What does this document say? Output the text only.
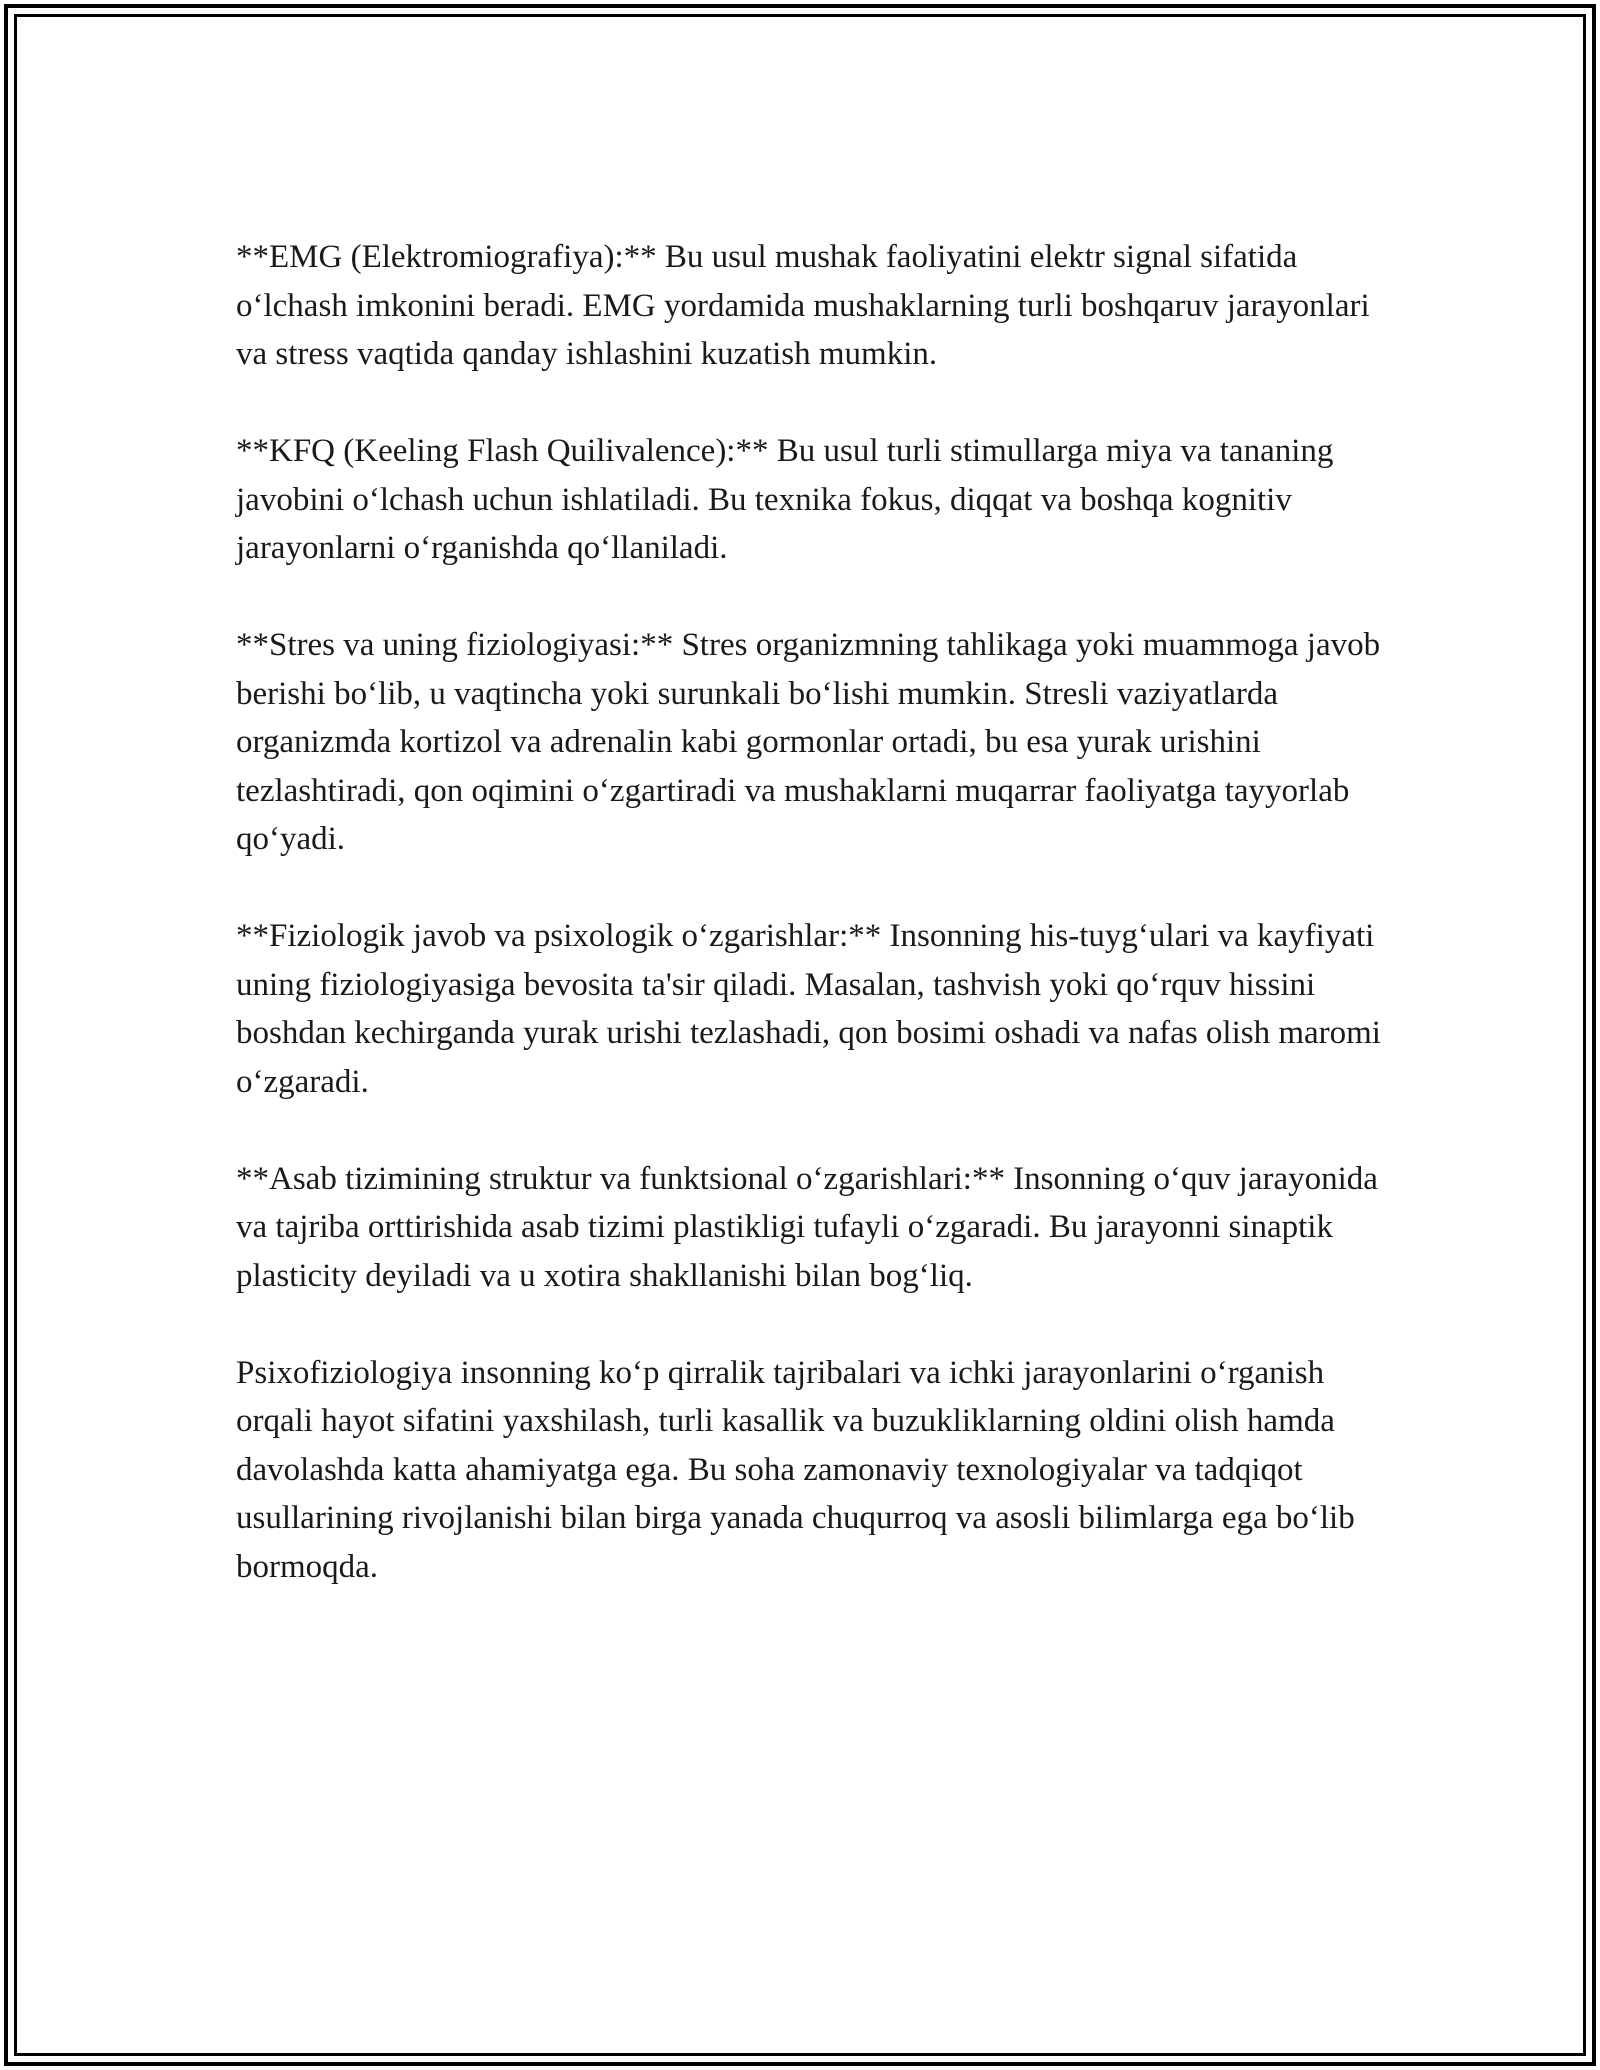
**EMG (Elektromiografiya):** Bu usul mushak faoliyatini elektr signal sifatida o‘lchash imkonini beradi. EMG yordamida mushaklarning turli boshqaruv jarayonlari va stress vaqtida qanday ishlashini kuzatish mumkin.

**KFQ (Keeling Flash Quilivalence):** Bu usul turli stimullarga miya va tananing javobini o‘lchash uchun ishlatiladi. Bu texnika fokus, diqqat va boshqa kognitiv jarayonlarni o‘rganishda qo‘llaniladi.

**Stres va uning fiziologiyasi:** Stres organizmning tahlikaga yoki muammoga javob berishi bo‘lib, u vaqtincha yoki surunkali bo‘lishi mumkin. Stresli vaziyatlarda organizmda kortizol va adrenalin kabi gormonlar ortadi, bu esa yurak urishini tezlashtiradi, qon oqimini o‘zgartiradi va mushaklarni muqarrar faoliyatga tayyorlab qo‘yadi.

**Fiziologik javob va psixologik o‘zgarishlar:** Insonning his-tuyg‘ulari va kayfiyati uning fiziologiyasiga bevosita ta'sir qiladi. Masalan, tashvish yoki qo‘rquv hissini boshdan kechirganda yurak urishi tezlashadi, qon bosimi oshadi va nafas olish maromi o‘zgaradi.

**Asab tizimining struktur va funktsional o‘zgarishlari:** Insonning o‘quv jarayonida va tajriba orttirishida asab tizimi plastikligi tufayli o‘zgaradi. Bu jarayonni sinaptik plasticity deyiladi va u xotira shakllanishi bilan bog‘liq.

Psixofiziologiya insonning ko‘p qirralik tajribalari va ichki jarayonlarini o‘rganish orqali hayot sifatini yaxshilash, turli kasallik va buzukliklarning oldini olish hamda davolashda katta ahamiyatga ega. Bu soha zamonaviy texnologiyalar va tadqiqot usullarining rivojlanishi bilan birga yanada chuqurroq va asosli bilimlarga ega bo‘lib bormoqda.
